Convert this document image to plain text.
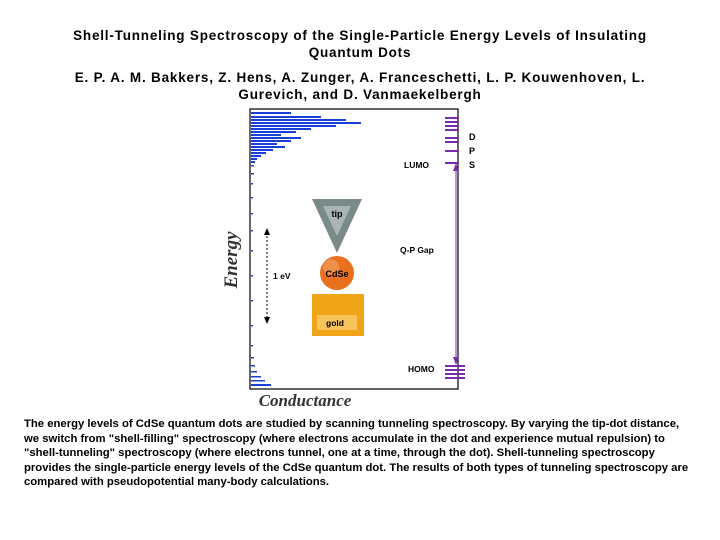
Shell-Tunneling Spectroscopy of the Single-Particle Energy Levels of Insulating Quantum Dots
E. P. A. M. Bakkers, Z. Hens, A. Zunger, A. Franceschetti, L. P. Kouwenhoven, L. Gurevich, and D. Vanmaekelbergh
Energy	1 eV
tip
CdSe
gold
D
P
S
LUMO
Q-P Gap
HOMO
Conductance
The energy levels of CdSe quantum dots are studied by scanning tunneling spectroscopy. By varying the tip-dot distance, we switch from "shell-filling" spectroscopy (where electrons accumulate in the dot and experience mutual repulsion) to "shell-tunneling" spectroscopy (where electrons tunnel, one at a time, through the dot). Shell-tunneling spectroscopy provides the single-particle energy levels of the CdSe quantum dot. The results of both types of tunneling spectroscopy are compared with pseudopotential many-body calculations.
